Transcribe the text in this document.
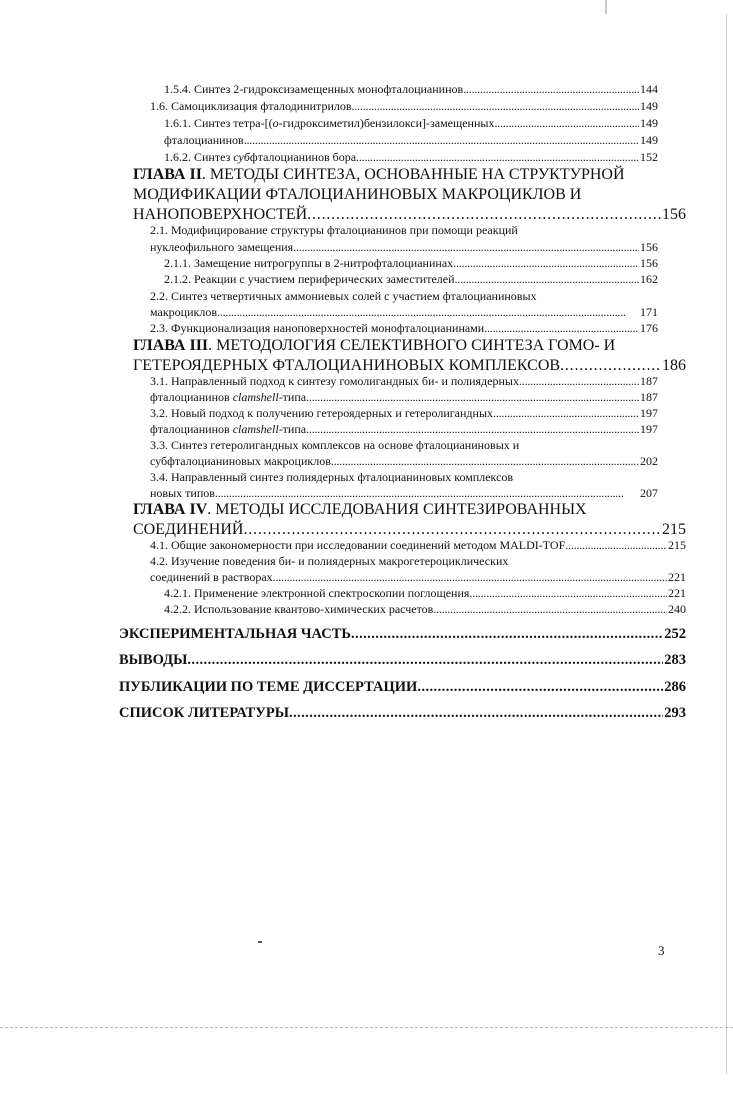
1.5.4. Синтез 2-гидроксизамещенных монофталоцианинов . . .	144
1.6. Самоциклизация фталодинитрилов . . .	149
1.6.1. Синтез тетра-[(o-гидроксиметил)бензилокси]-замещенных . . .	149
фталоцианинов . . .	149
1.6.2. Синтез субфталоцианинов бора . . .	152
ГЛАВА II. МЕТОДЫ СИНТЕЗА, ОСНОВАННЫЕ НА СТРУКТУРНОЙ
МОДИФИКАЦИИ ФТАЛОЦИАНИНОВЫХ МАКРОЦИКЛОВ И
НАНОПОВЕРХНОСТЕЙ . . .	156
2.1. Модифицирование структуры фталоцианинов при помощи реакций
нуклеофильного замещения . . .	156
2.1.1. Замещение нитрогруппы в 2-нитрофталоцианинах . . .	156
2.1.2. Реакции с участием периферических заместителей . . .	162
2.2. Синтез четвертичных аммониевых солей с участием фталоцианиновых
макроциклов . . .	171
2.3. Функционализация наноповерхностей монофталоцианинами . . .	176
ГЛАВА III. МЕТОДОЛОГИЯ СЕЛЕКТИВНОГО СИНТЕЗА ГОМО- И
ГЕТЕРОЯДЕРНЫХ ФТАЛОЦИАНИНОВЫХ КОМПЛЕКСОВ . . .	186
3.1. Направленный подход к синтезу гомолигандных би- и полиядерных . . .	187
фталоцианинов clamshell-типа . . .	187
3.2. Новый подход к получению гетероядерных и гетеролигандных . . .	197
фталоцианинов clamshell-типа . . .	197
3.3. Синтез гетеролигандных комплексов на основе фталоцианиновых и
субфталоцианиновых макроциклов . . .	202
3.4. Направленный синтез полиядерных фталоцианиновых комплексов
новых типов . . .	207
ГЛАВА IV. МЕТОДЫ ИССЛЕДОВАНИЯ СИНТЕЗИРОВАННЫХ
СОЕДИНЕНИЙ . . .	215
4.1. Общие закономерности при исследовании соединений методом MALDI-TOF . . .	215
4.2. Изучение поведения би- и полиядерных макрогетероциклических
соединений в растворах . . .	221
4.2.1. Применение электронной спектроскопии поглощения . . .	221
4.2.2. Использование квантово-химических расчетов . . .	240
ЭКСПЕРИМЕНТАЛЬНАЯ ЧАСТЬ . . .	252
ВЫВОДЫ . . .	283
ПУБЛИКАЦИИ ПО ТЕМЕ ДИССЕРТАЦИИ . . .	286
СПИСОК ЛИТЕРАТУРЫ . . .	293
3
